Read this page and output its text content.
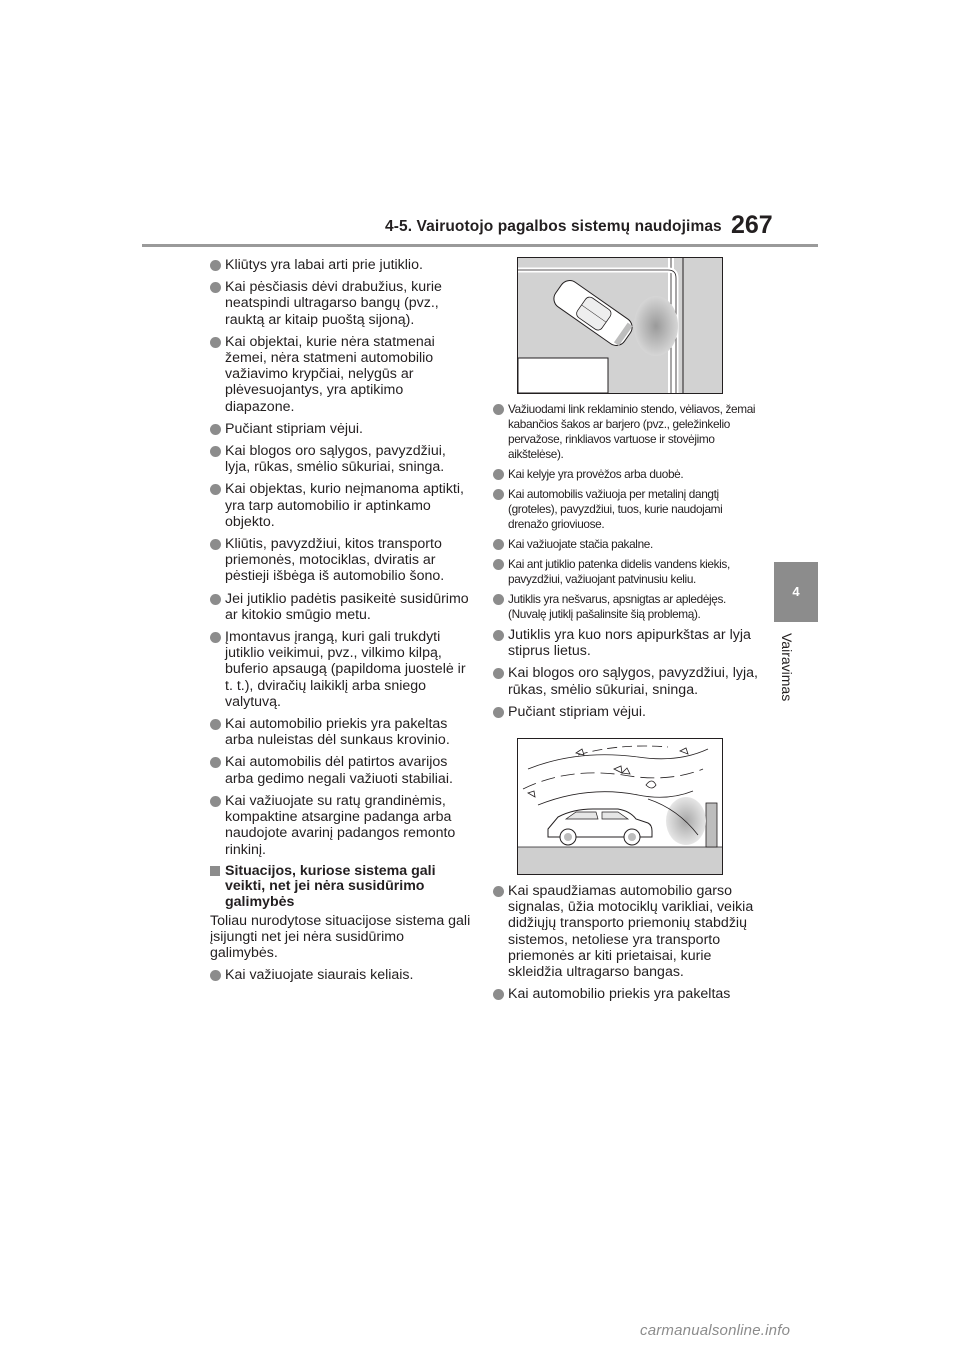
4-5. Vairuotojo pagalbos sistemų naudojimas 267
4
Vairavimas
Kliūtys yra labai arti prie jutiklio.
Kai pėsčiasis dėvi drabužius, kurie neatspindi ultragarso bangų (pvz., rauktą ar kitaip puoštą sijoną).
Kai objektai, kurie nėra statmenai žemei, nėra statmeni automobilio važiavimo krypčiai, nelygūs ar plėvesuojantys, yra aptikimo diapazone.
Pučiant stipriam vėjui.
Kai blogos oro sąlygos, pavyzdžiui, lyja, rūkas, smėlio sūkuriai, sninga.
Kai objektas, kurio neįmanoma aptikti, yra tarp automobilio ir aptinkamo objekto.
Kliūtis, pavyzdžiui, kitos transporto priemonės, motociklas, dviratis ar pėstieji išbėga iš automobilio šono.
Jei jutiklio padėtis pasikeitė susidūrimo ar kitokio smūgio metu.
Įmontavus įrangą, kuri gali trukdyti jutiklio veikimui, pvz., vilkimo kilpą, buferio apsaugą (papildoma juostelė ir t. t.), dviračių laikiklį arba sniego valytuvą.
Kai automobilio priekis yra pakeltas arba nuleistas dėl sunkaus krovinio.
Kai automobilis dėl patirtos avarijos arba gedimo negali važiuoti stabiliai.
Kai važiuojate su ratų grandinėmis, kompaktine atsargine padanga arba naudojote avarinį padangos remonto rinkinį.
Situacijos, kuriose sistema gali veikti, net jei nėra susidūrimo galimybės
Toliau nurodytose situacijose sistema gali įsijungti net jei nėra susidūrimo galimybės.
Kai važiuojate siaurais keliais.
Važiuodami link reklaminio stendo, vėliavos, žemai kabančios šakos ar barjero (pvz., geležinkelio pervažose, rinkliavos vartuose ir stovėjimo aikštelėse).
Kai kelyje yra provėžos arba duobė.
Kai automobilis važiuoja per metalinį dangtį (groteles), pavyzdžiui, tuos, kurie naudojami drenažo grioviuose.
Kai važiuojate stačia pakalne.
Kai ant jutiklio patenka didelis vandens kiekis, pavyzdžiui, važiuojant patvinusiu keliu.
Jutiklis yra nešvarus, apsnigtas ar apledėjęs. (Nuvalę jutiklį pašalinsite šią problemą).
Jutiklis yra kuo nors apipurkštas ar lyja stiprus lietus.
Kai blogos oro sąlygos, pavyzdžiui, lyja, rūkas, smėlio sūkuriai, sninga.
Pučiant stipriam vėjui.
Kai spaudžiamas automobilio garso signalas, ūžia motociklų varikliai, veikia didžiųjų transporto priemonių stabdžių sistemos, netoliese yra transporto priemonės ar kiti prietaisai, kurie skleidžia ultragarso bangas.
Kai automobilio priekis yra pakeltas
carmanualsonline.info
